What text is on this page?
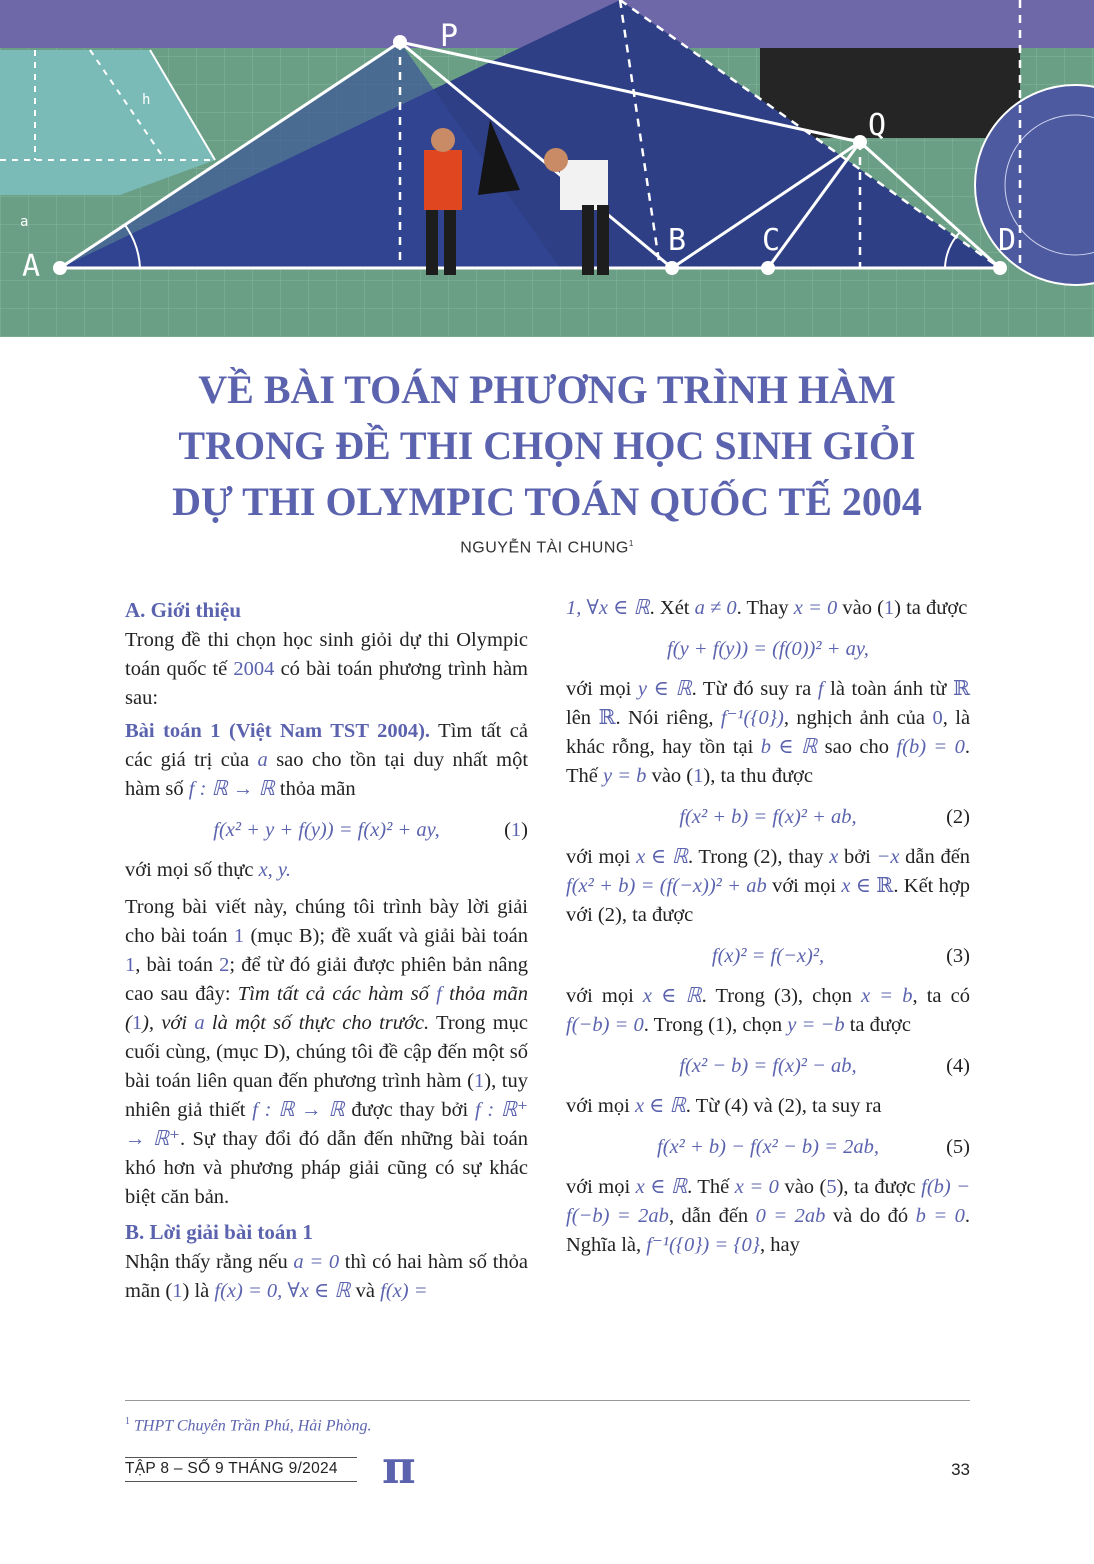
P
Q
A
B	C	D
h
a
VỀ BÀI TOÁN PHƯƠNG TRÌNH HÀM
TRONG ĐỀ THI CHỌN HỌC SINH GIỎI
DỰ THI OLYMPIC TOÁN QUỐC TẾ 2004
NGUYỄN TÀI CHUNG$^1$
A. Giới thiệu

Trong đề thi chọn học sinh giỏi dự thi Olympic toán quốc tế 2004 có bài toán phương trình hàm sau:

Bài toán 1 (Việt Nam TST 2004). Tìm tất cả các giá trị của a sao cho tồn tại duy nhất một hàm số f : ℝ → ℝ thỏa mãn

f(x² + y + f(y)) = f(x)² + ay,	(1)

với mọi số thực x, y.

Trong bài viết này, chúng tôi trình bày lời giải cho bài toán 1 (mục B); đề xuất và giải bài toán 1, bài toán 2; để từ đó giải được phiên bản nâng cao sau đây: Tìm tất cả các hàm số f thỏa mãn (1), với a là một số thực cho trước. Trong mục cuối cùng, (mục D), chúng tôi đề cập đến một số bài toán liên quan đến phương trình hàm (1), tuy nhiên giả thiết f : ℝ → ℝ được thay bởi f : ℝ⁺ → ℝ⁺. Sự thay đổi đó dẫn đến những bài toán khó hơn và phương pháp giải cũng có sự khác biệt căn bản.

B. Lời giải bài toán 1

Nhận thấy rằng nếu a = 0 thì có hai hàm số thỏa mãn (1) là f(x) = 0, ∀x ∈ ℝ và f(x) =

1, ∀x ∈ ℝ. Xét a ≠ 0. Thay x = 0 vào (1) ta được

f(y + f(y)) = (f(0))² + ay,

với mọi y ∈ ℝ. Từ đó suy ra f là toàn ánh từ ℝ lên ℝ. Nói riêng, f⁻¹({0}), nghịch ảnh của 0, là khác rỗng, hay tồn tại b ∈ ℝ sao cho f(b) = 0. Thế y = b vào (1), ta thu được

f(x² + b) = f(x)² + ab,	(2)

với mọi x ∈ ℝ. Trong (2), thay x bởi −x dẫn đến f(x² + b) = (f(−x))² + ab với mọi x ∈ ℝ. Kết hợp với (2), ta được

f(x)² = f(−x)²,	(3)

với mọi x ∈ ℝ. Trong (3), chọn x = b, ta có f(−b) = 0. Trong (1), chọn y = −b ta được

f(x² − b) = f(x)² − ab,	(4)

với mọi x ∈ ℝ. Từ (4) và (2), ta suy ra

f(x² + b) − f(x² − b) = 2ab,	(5)

với mọi x ∈ ℝ. Thế x = 0 vào (5), ta được f(b) − f(−b) = 2ab, dẫn đến 0 = 2ab và do đó b = 0. Nghĩa là, f⁻¹({0}) = {0}, hay

$^1$ THPT Chuyên Trần Phú, Hải Phòng.
TẬP 8 – SỐ 9 THÁNG 9/2024 π	33
